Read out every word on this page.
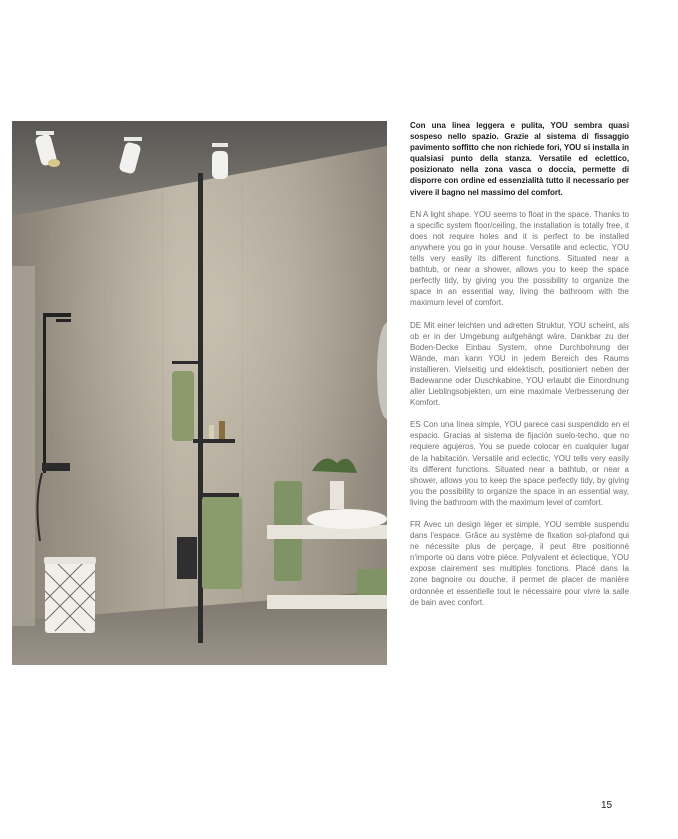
Con una linea leggera e pulita, YOU sembra quasi sospeso nello spazio. Grazie al sistema di fissaggio pavimento soffitto che non richiede fori, YOU si installa in qualsiasi punto della stanza. Versatile ed eclettico, posizionato nella zona vasca o doccia, permette di disporre con ordine ed essenzialità tutto il necessario per vivere il bagno nel massimo del comfort.

EN A light shape. YOU seems to float in the space. Thanks to a specific system floor/ceiling, the installation is totally free, it does not require holes and it is perfect to be installed anywhere you go in your house. Versatile and eclectic, YOU tells very easily its different functions. Situated near a bathtub, or near a shower, allows you to keep the space perfectly tidy, by giving you the possibility to organize the space in an essential way, living the bathroom with the maximum level of comfort.

DE Mit einer leichten und adretten Struktur, YOU scheint, als ob er in der Umgebung aufgehängt wäre. Dankbar zu der Boden-Decke Einbau System, ohne Durchbohrung der Wände, man kann YOU in jedem Bereich des Raums installieren. Vielseitig und eklektisch, positioniert neben der Badewanne oder Duschkabine, YOU erlaubt die Einordnung aller Lieblingsobjekten, um eine maximale Verbesserung der Komfort.

ES Con una línea simple, YOU parece casi suspendido en el espacio. Gracias al sistema de fijación suelo-techo, que no requiere agujeros. You se puede colocar en cualquier lugar de la habitación. Versatile and eclectic, YOU tells very easily its different functions. Situated near a bathtub, or near a shower, allows you to keep the space perfectly tidy, by giving you the possibility to organize the space in an essential way, living the bathroom with the maximum level of comfort.

FR Avec un design léger et simple, YOU semble suspendu dans l'espace. Grâce au système de fixation sol-plafond qui ne nécessite plus de perçage, il peut être positionné n'importe où dans votre pièce. Polyvalent et éclectique, YOU expose clairement ses multiples fonctions. Placé dans la zone bagnoire ou douche, il permet de placer de manière ordonnée et essentielle tout le nécessaire pour vivre la salle de bain avec confort.

15
